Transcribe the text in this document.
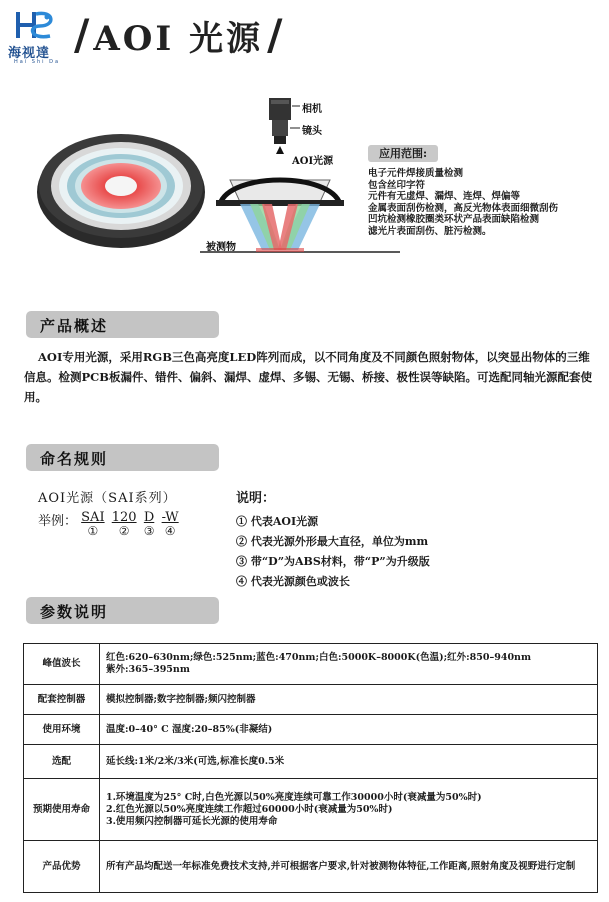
海视達
Hai Shi Da
/ AOI 光源 /
相机
镜头
AOI光源
被测物
应用范围:
电子元件焊接质量检测
包含丝印字符
元件有无虚焊、漏焊、连焊、焊偏等
金属表面刮伤检测，高反光物体表面细微刮伤
凹坑检测橡胶圈类环状产品表面缺陷检测
滤光片表面刮伤、脏污检测。
产品概述
AOI专用光源，采用RGB三色高亮度LED阵列而成，以不同角度及不同颜色照射物体，以突显出物体的三维信息。检测PCB板漏件、错件、偏斜、漏焊、虚焊、多锡、无锡、桥接、极性误等缺陷。可选配同轴光源配套使用。
命名规则
AOI光源（SAI系列）
举例： SAI
①

120
②

D
③

-W
④
说明：
① 代表AOI光源
② 代表光源外形最大直径，单位为mm
③ 带“D”为ABS材料，带“P”为升级版
④ 代表光源颜色或波长
参数说明
峰值波长	红色:620–630nm;绿色:525nm;蓝色:470nm;白色:5000K–8000K(色温);红外:850–940nm
紫外:365–395nm

配套控制器	模拟控制器;数字控制器;频闪控制器

使用环境	温度:0–40° C 湿度:20–85%(非凝结)

选配	延长线:1米/2米/3米(可选,标准长度0.5米

预期使用寿命	1.环境温度为25° C时,白色光源以50%亮度连续可靠工作30000小时(衰减量为50%时)
2.红色光源以50%亮度连续工作超过60000小时(衰减量为50%时)
3.使用频闪控制器可延长光源的使用寿命

产品优势	所有产品均配送一年标准免费技术支持,并可根据客户要求,针对被测物体特征,工作距离,照射角度及视野进行定制
